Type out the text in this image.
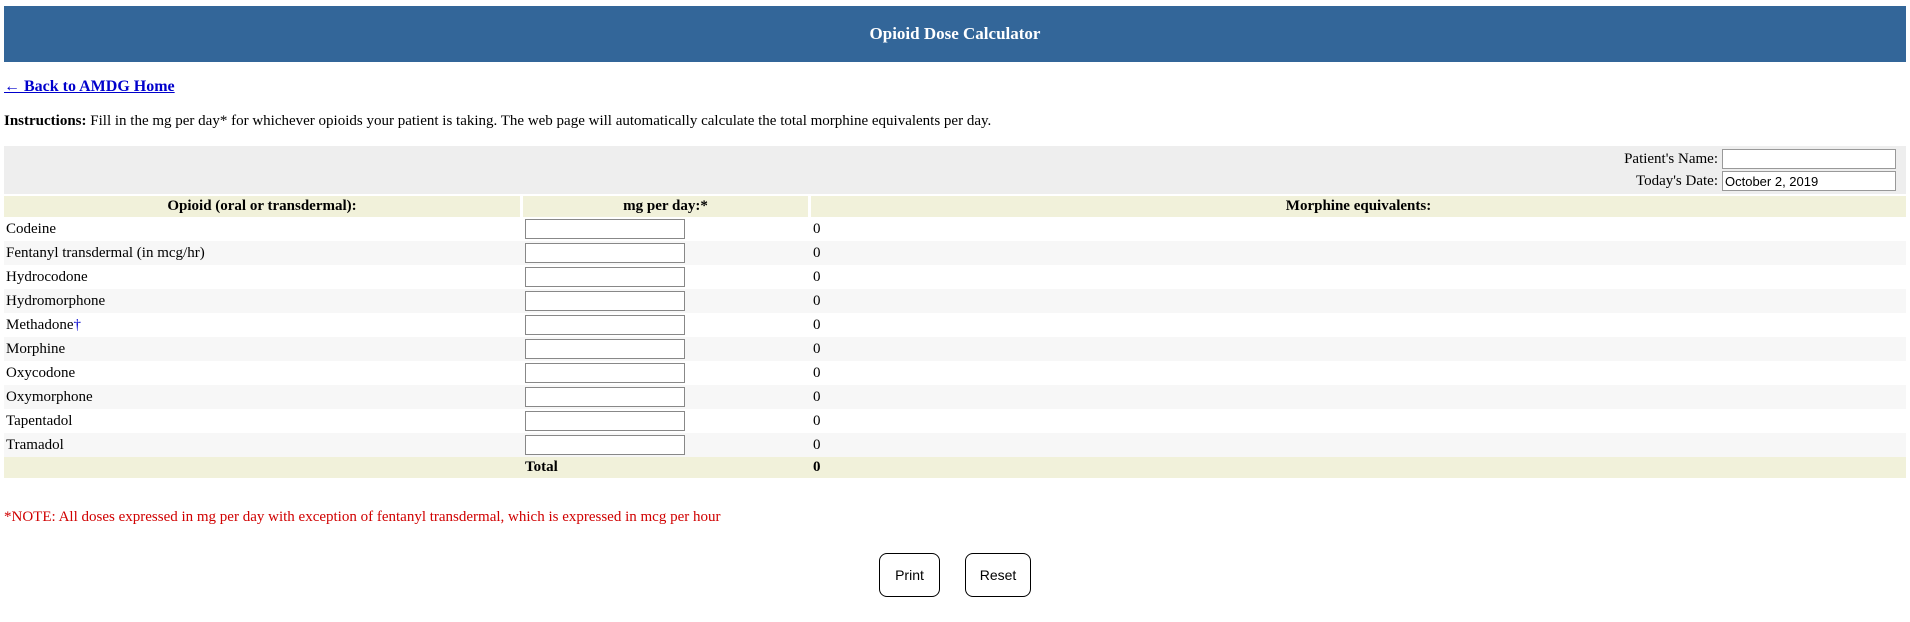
Opioid Dose Calculator
← Back to AMDG Home
Instructions: Fill in the mg per day* for whichever opioids your patient is taking. The web page will automatically calculate the total morphine equivalents per day.
Patient's Name:
Today's Date:
October 2, 2019
Opioid (oral or transdermal):	mg per day:*	Morphine equivalents:
Codeine		0
Fentanyl transdermal (in mcg/hr)		0
Hydrocodone		0
Hydromorphone		0
Methadone†		0
Morphine		0
Oxycodone		0
Oxymorphone		0
Tapentadol		0
Tramadol		0
	Total	0
*NOTE: All doses expressed in mg per day with exception of fentanyl transdermal, which is expressed in mcg per hour
Print	Reset
